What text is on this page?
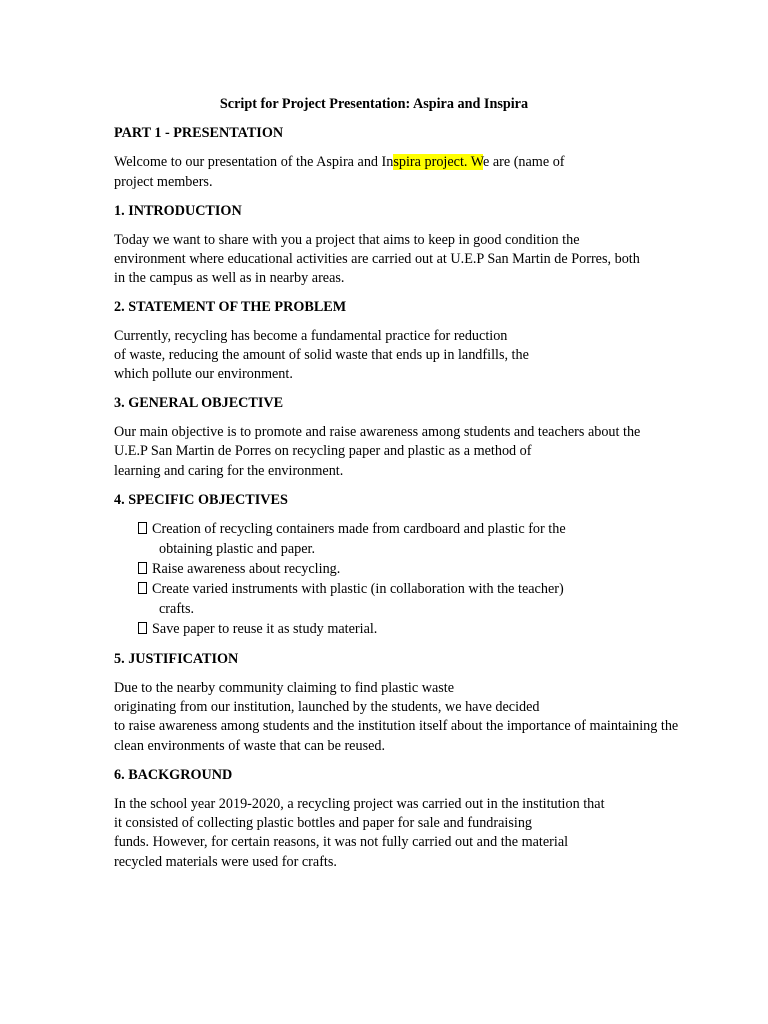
Script for Project Presentation: Aspira and Inspira
PART 1 - PRESENTATION
Welcome to our presentation of the Aspira and Inspira project. We are (name of
project members.
1. INTRODUCTION
Today we want to share with you a project that aims to keep in good condition the
environment where educational activities are carried out at U.E.P San Martin de Porres, both
in the campus as well as in nearby areas.
2. STATEMENT OF THE PROBLEM
Currently, recycling has become a fundamental practice for reduction
of waste, reducing the amount of solid waste that ends up in landfills, the
which pollute our environment.
3. GENERAL OBJECTIVE
Our main objective is to promote and raise awareness among students and teachers about the
U.E.P San Martin de Porres on recycling paper and plastic as a method of
learning and caring for the environment.
4. SPECIFIC OBJECTIVES
Creation of recycling containers made from cardboard and plastic for the
obtaining plastic and paper.
Raise awareness about recycling.
Create varied instruments with plastic (in collaboration with the teacher)
crafts.
Save paper to reuse it as study material.
5. JUSTIFICATION
Due to the nearby community claiming to find plastic waste
originating from our institution, launched by the students, we have decided
to raise awareness among students and the institution itself about the importance of maintaining the
clean environments of waste that can be reused.
6. BACKGROUND
In the school year 2019-2020, a recycling project was carried out in the institution that
it consisted of collecting plastic bottles and paper for sale and fundraising
funds. However, for certain reasons, it was not fully carried out and the material
recycled materials were used for crafts.
